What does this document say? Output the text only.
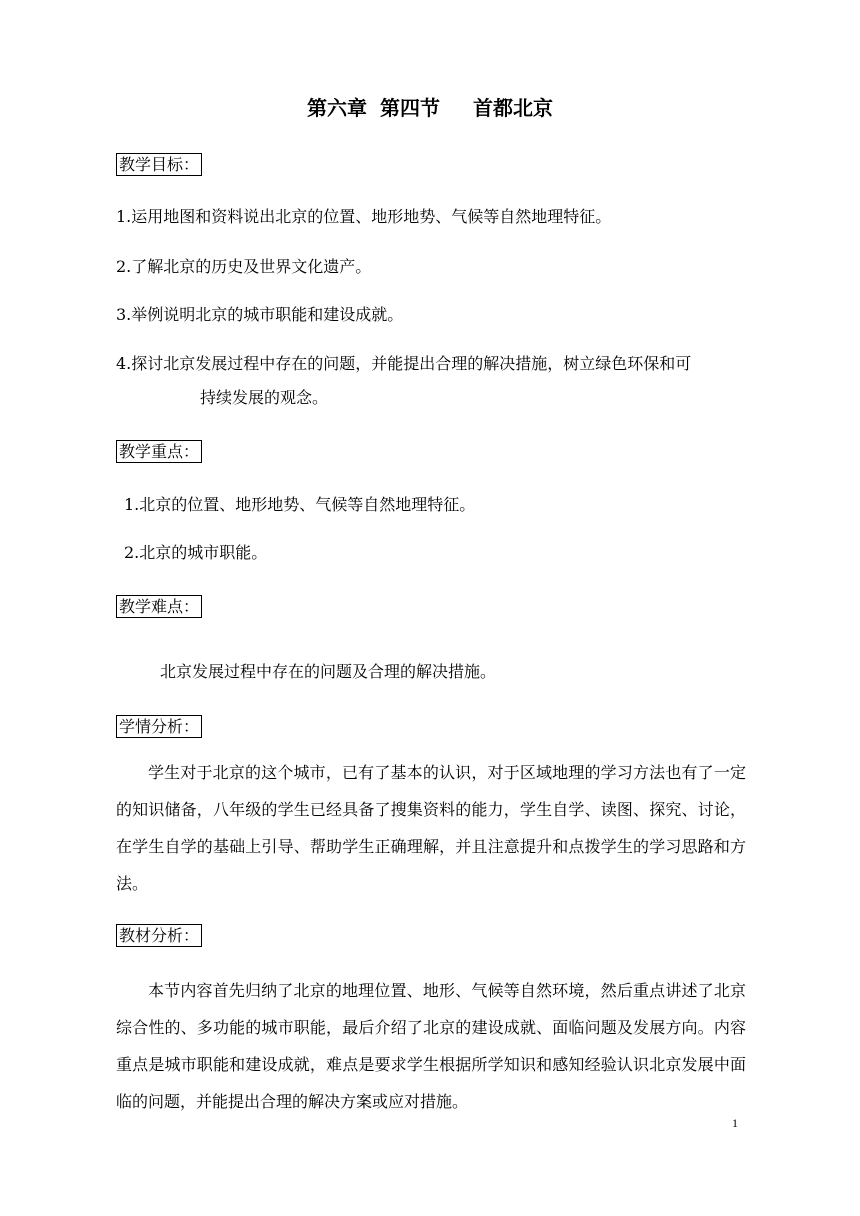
第六章 第四节　 首都北京
教学目标：
1.运用地图和资料说出北京的位置、地形地势、气候等自然地理特征。
2.了解北京的历史及世界文化遗产。
3.举例说明北京的城市职能和建设成就。
4.探讨北京发展过程中存在的问题，并能提出合理的解决措施，树立绿色环保和可
持续发展的观念。
教学重点：
1.北京的位置、地形地势、气候等自然地理特征。
2.北京的城市职能。
教学难点：
北京发展过程中存在的问题及合理的解决措施。
学情分析：
学生对于北京的这个城市，已有了基本的认识，对于区域地理的学习方法也有了一定的知识储备，八年级的学生已经具备了搜集资料的能力，学生自学、读图、探究、讨论，在学生自学的基础上引导、帮助学生正确理解，并且注意提升和点拨学生的学习思路和方法。
教材分析：
本节内容首先归纳了北京的地理位置、地形、气候等自然环境，然后重点讲述了北京综合性的、多功能的城市职能，最后介绍了北京的建设成就、面临问题及发展方向。内容重点是城市职能和建设成就，难点是要求学生根据所学知识和感知经验认识北京发展中面临的问题，并能提出合理的解决方案或应对措施。
1
